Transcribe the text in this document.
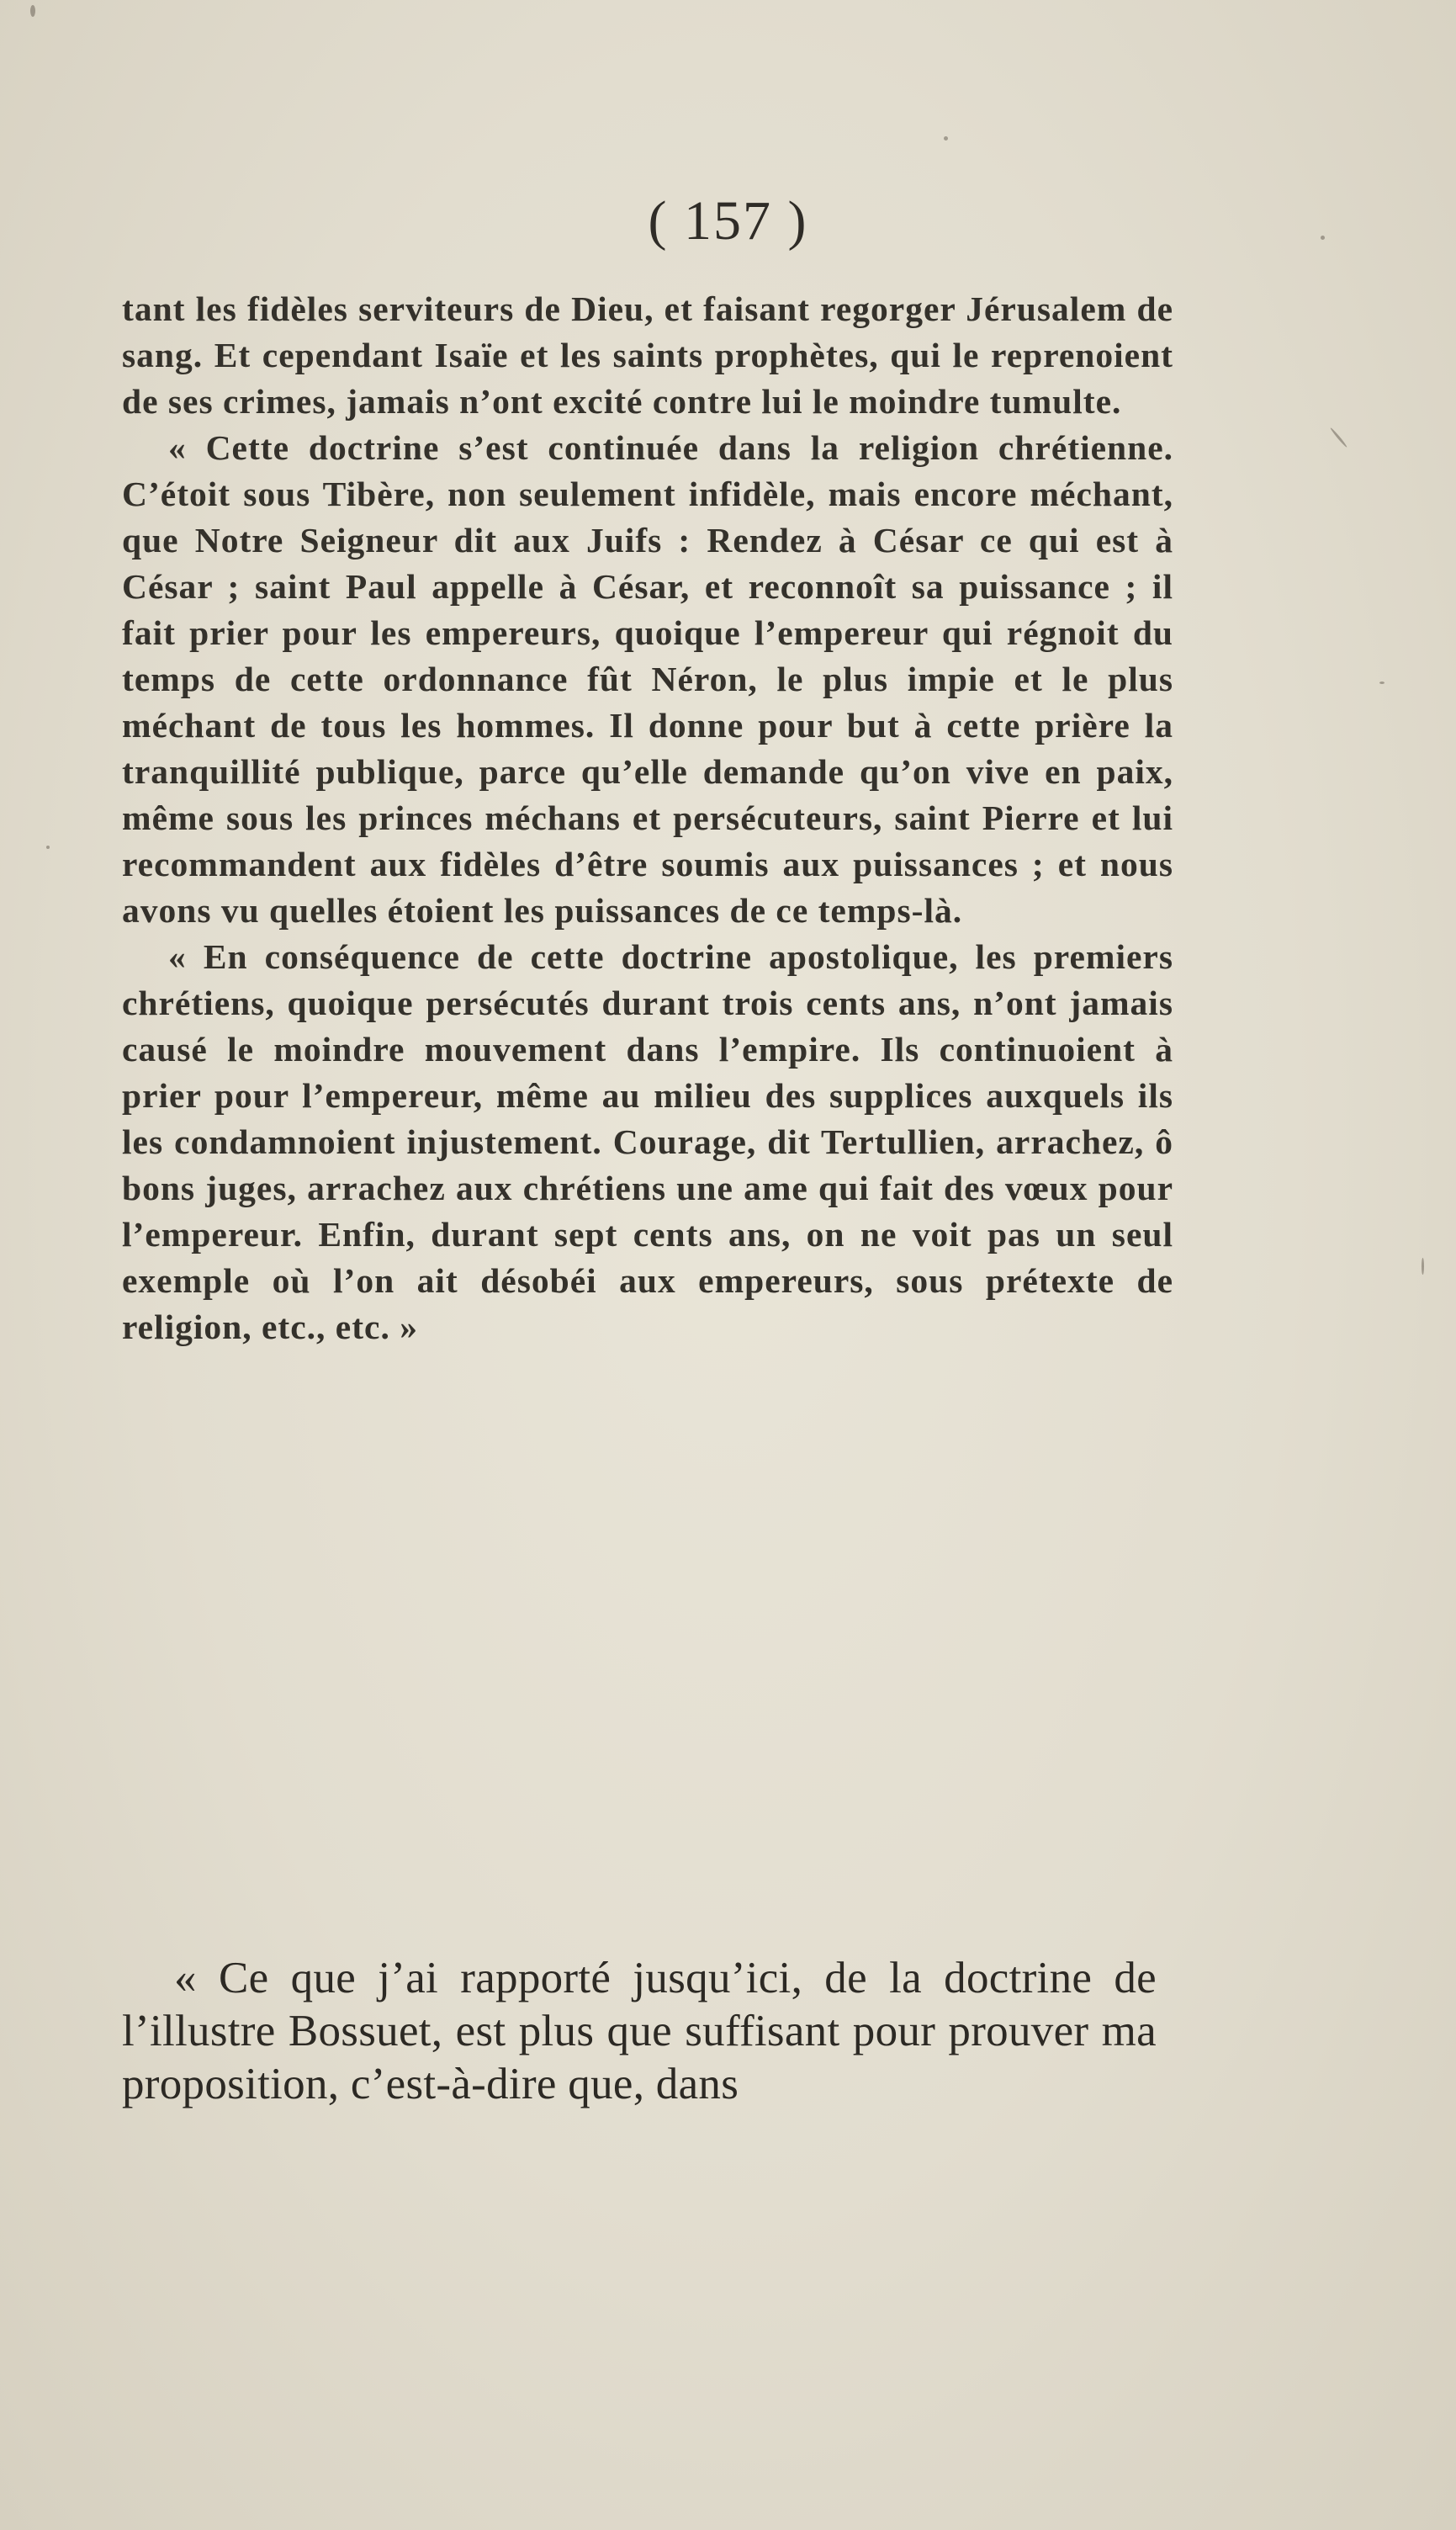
( 157 )

tant les fidèles serviteurs de Dieu, et faisant regorger Jérusalem de sang. Et cependant Isaïe et les saints prophètes, qui le reprenoient de ses crimes, jamais n’ont excité contre lui le moindre tumulte.

« Cette doctrine s’est continuée dans la religion chrétienne. C’étoit sous Tibère, non seulement infidèle, mais encore méchant, que Notre Seigneur dit aux Juifs : Rendez à César ce qui est à César ; saint Paul appelle à César, et reconnoît sa puissance ; il fait prier pour les empereurs, quoique l’empereur qui régnoit du temps de cette ordonnance fût Néron, le plus impie et le plus méchant de tous les hommes. Il donne pour but à cette prière la tranquillité publique, parce qu’elle demande qu’on vive en paix, même sous les princes méchans et persécuteurs, saint Pierre et lui recommandent aux fidèles d’être soumis aux puissances ; et nous avons vu quelles étoient les puissances de ce temps-là.

« En conséquence de cette doctrine apostolique, les premiers chrétiens, quoique persécutés durant trois cents ans, n’ont jamais causé le moindre mouvement dans l’empire. Ils continuoient à prier pour l’empereur, même au milieu des supplices auxquels ils les condamnoient injustement. Courage, dit Tertullien, arrachez, ô bons juges, arrachez aux chrétiens une ame qui fait des vœux pour l’empereur. Enfin, durant sept cents ans, on ne voit pas un seul exemple où l’on ait désobéi aux empereurs, sous prétexte de religion, etc., etc. »

« Ce que j’ai rapporté jusqu’ici, de la doctrine de l’illustre Bossuet, est plus que suffisant pour prouver ma proposition, c’est-à-dire que, dans
